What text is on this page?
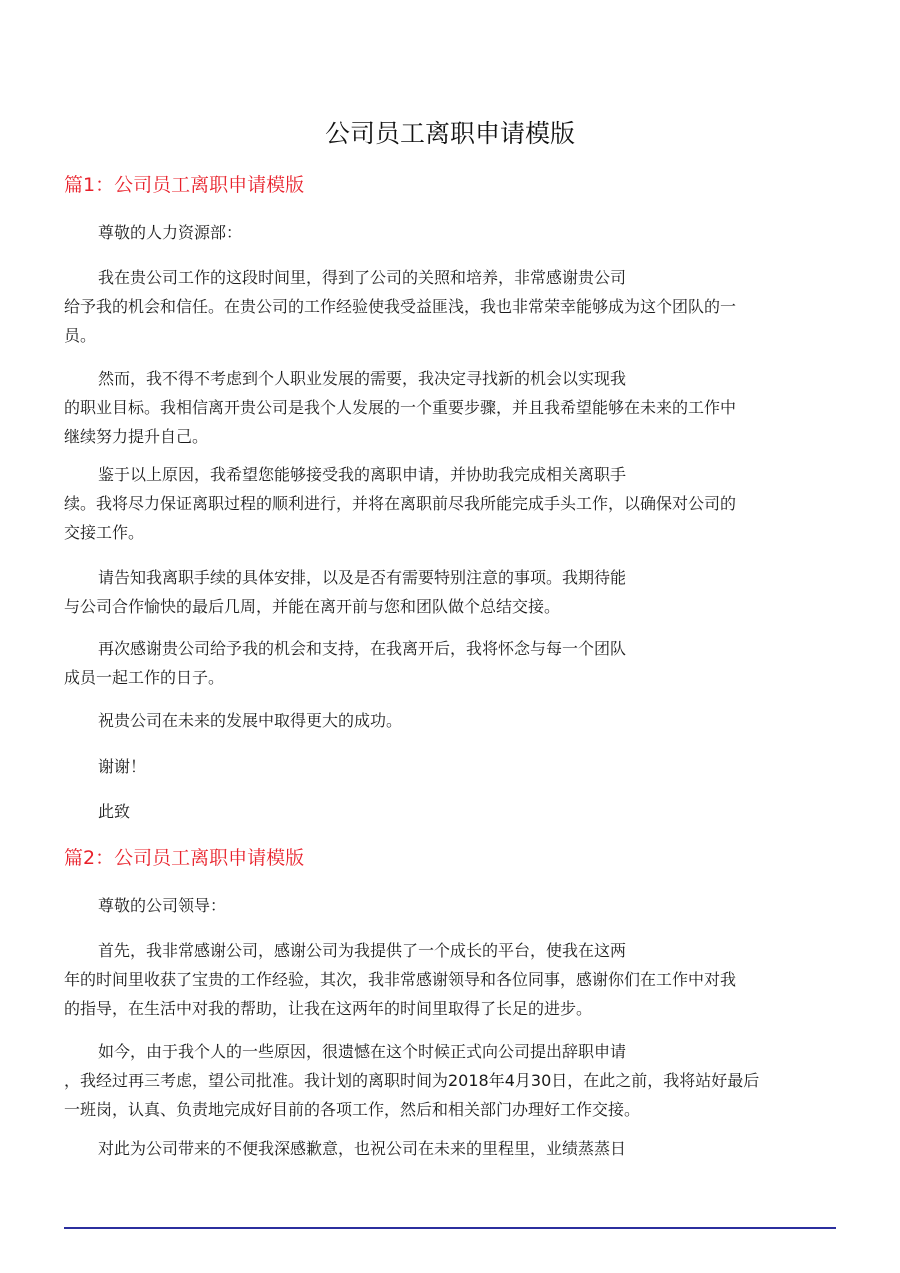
公司员工离职申请模版
篇1：公司员工离职申请模版

尊敬的人力资源部：

我在贵公司工作的这段时间里，得到了公司的关照和培养，非常感谢贵公司
给予我的机会和信任。在贵公司的工作经验使我受益匪浅，我也非常荣幸能够成为这个团队的一
员。

然而，我不得不考虑到个人职业发展的需要，我决定寻找新的机会以实现我
的职业目标。我相信离开贵公司是我个人发展的一个重要步骤，并且我希望能够在未来的工作中
继续努力提升自己。

鉴于以上原因，我希望您能够接受我的离职申请，并协助我完成相关离职手
续。我将尽力保证离职过程的顺利进行，并将在离职前尽我所能完成手头工作，以确保对公司的
交接工作。

请告知我离职手续的具体安排，以及是否有需要特别注意的事项。我期待能
与公司合作愉快的最后几周，并能在离开前与您和团队做个总结交接。

再次感谢贵公司给予我的机会和支持，在我离开后，我将怀念与每一个团队
成员一起工作的日子。

祝贵公司在未来的发展中取得更大的成功。

谢谢！

此致

篇2：公司员工离职申请模版

尊敬的公司领导：

首先，我非常感谢公司，感谢公司为我提供了一个成长的平台，使我在这两
年的时间里收获了宝贵的工作经验，其次，我非常感谢领导和各位同事，感谢你们在工作中对我
的指导，在生活中对我的帮助，让我在这两年的时间里取得了长足的进步。

如今，由于我个人的一些原因，很遗憾在这个时候正式向公司提出辞职申请
，我经过再三考虑，望公司批准。我计划的离职时间为2018年4月30日，在此之前，我将站好最后
一班岗，认真、负责地完成好目前的各项工作，然后和相关部门办理好工作交接。

对此为公司带来的不便我深感歉意，也祝公司在未来的里程里，业绩蒸蒸日
